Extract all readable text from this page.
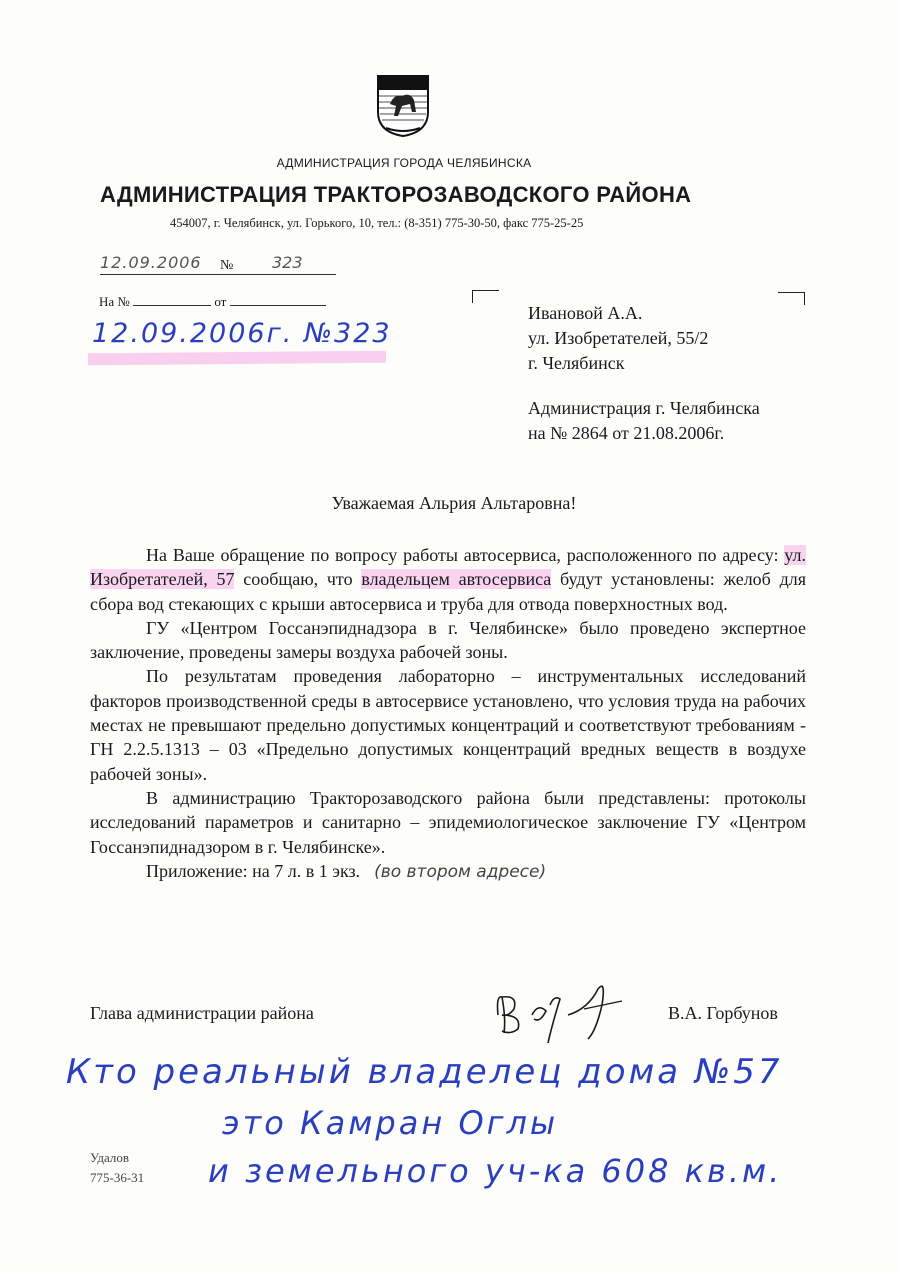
АДМИНИСТРАЦИЯ ГОРОДА ЧЕЛЯБИНСКА
АДМИНИСТРАЦИЯ ТРАКТОРОЗАВОДСКОГО РАЙОНА
454007, г. Челябинск, ул. Горького, 10, тел.: (8-351) 775-30-50, факс 775-25-25
12.09.2006 № 323
На №	от
12.09.2006г. №323
Ивановой А.А.
ул. Изобретателей, 55/2
г. Челябинск
Администрация г. Челябинска
на № 2864 от 21.08.2006г.
Уважаемая Альрия Альтаровна!

На Ваше обращение по вопросу работы автосервиса, расположенного по адресу: ул. Изобретателей, 57 сообщаю, что владельцем автосервиса будут установлены: желоб для сбора вод стекающих с крыши автосервиса и труба для отвода поверхностных вод.

ГУ «Центром Госсанэпиднадзора в г. Челябинске» было проведено экспертное заключение, проведены замеры воздуха рабочей зоны.

По результатам проведения лабораторно – инструментальных исследований факторов производственной среды в автосервисе установлено, что условия труда на рабочих местах не превышают предельно допустимых концентраций и соответствуют требованиям - ГН 2.2.5.1313 – 03 «Предельно допустимых концентраций вредных веществ в воздухе рабочей зоны».

В администрацию Тракторозаводского района были представлены: протоколы исследований параметров и санитарно – эпидемиологическое заключение ГУ «Центром Госсанэпиднадзором в г. Челябинске».

Приложение: на 7 л. в 1 экз. (во втором адресе)

Глава администрации района	В.А. Горбунов
Кто реальный владелец дома №57
это Камран Оглы
и земельного уч-ка 608 кв.м.
Удалов
775-36-31
